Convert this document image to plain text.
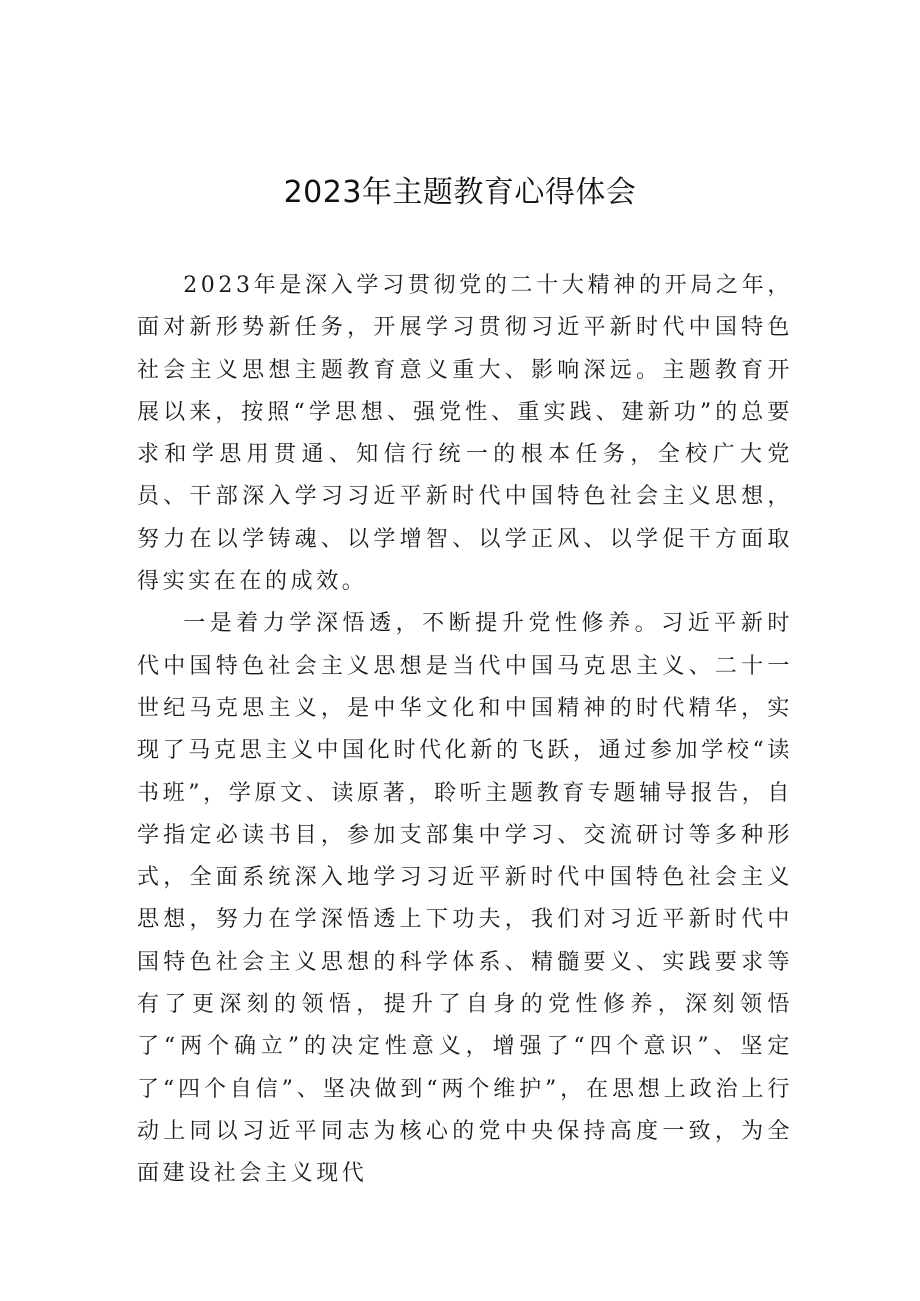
2023年主题教育心得体会

2023年是深入学习贯彻党的二十大精神的开局之年，面对新形势新任务，开展学习贯彻习近平新时代中国特色社会主义思想主题教育意义重大、影响深远。主题教育开展以来，按照“学思想、强党性、重实践、建新功”的总要求和学思用贯通、知信行统一的根本任务，全校广大党员、干部深入学习习近平新时代中国特色社会主义思想，努力在以学铸魂、以学增智、以学正风、以学促干方面取得实实在在的成效。

一是着力学深悟透，不断提升党性修养。习近平新时代中国特色社会主义思想是当代中国马克思主义、二十一世纪马克思主义，是中华文化和中国精神的时代精华，实现了马克思主义中国化时代化新的飞跃，通过参加学校“读书班”，学原文、读原著，聆听主题教育专题辅导报告，自学指定必读书目，参加支部集中学习、交流研讨等多种形式，全面系统深入地学习习近平新时代中国特色社会主义思想，努力在学深悟透上下功夫，我们对习近平新时代中国特色社会主义思想的科学体系、精髓要义、实践要求等有了更深刻的领悟，提升了自身的党性修养，深刻领悟了“两个确立”的决定性意义，增强了“四个意识”、坚定了“四个自信”、坚决做到“两个维护”，在思想上政治上行动上同以习近平同志为核心的党中央保持高度一致，为全面建设社会主义现代
